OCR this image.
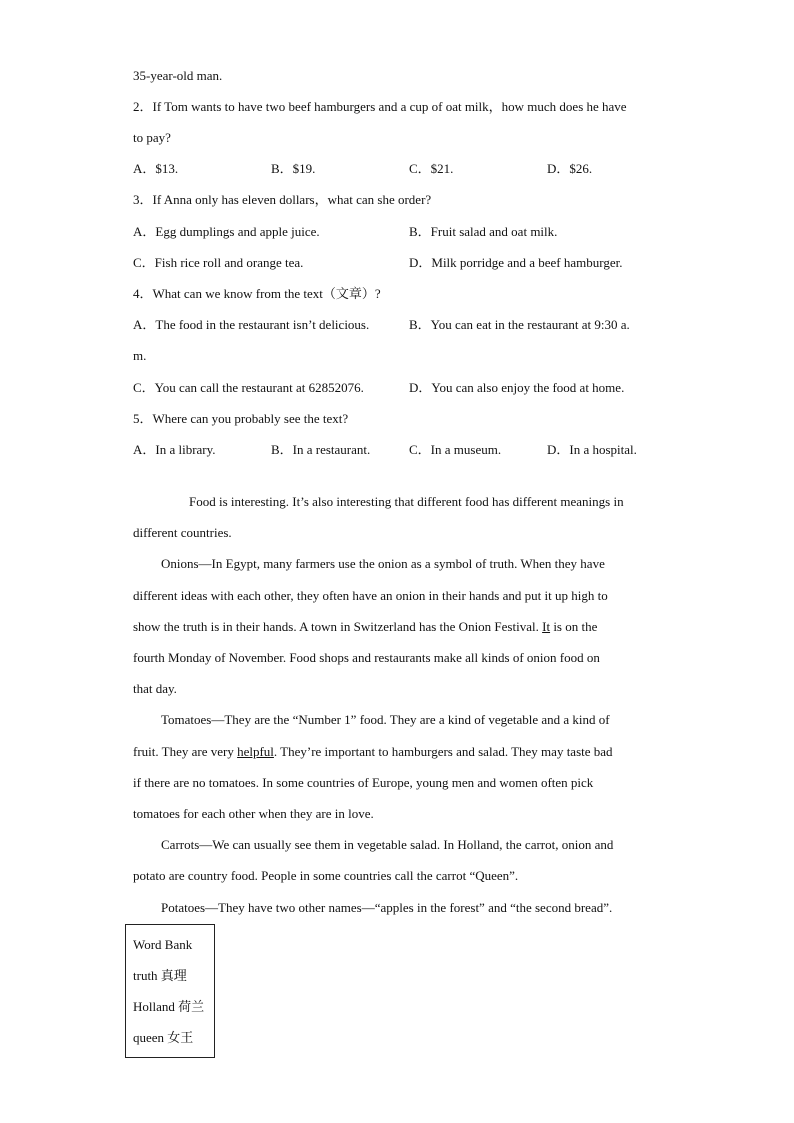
35-year-old man.
2．If Tom wants to have two beef hamburgers and a cup of oat milk，how much does he have
to pay?
A．$13.	B．$19.	C．$21.	D．$26.
3．If Anna only has eleven dollars，what can she order?
A．Egg dumplings and apple juice.	B．Fruit salad and oat milk.
C．Fish rice roll and orange tea.	D．Milk porridge and a beef hamburger.
4．What can we know from the text（文章）?
A．The food in the restaurant isn’t delicious.	B．You can eat in the restaurant at 9:30 a.
m.
C．You can call the restaurant at 62852076.	D．You can also enjoy the food at home.
5．Where can you probably see the text?
A．In a library.	B．In a restaurant.	C．In a museum.	D．In a hospital.
Food is interesting. It’s also interesting that different food has different meanings in
different countries.
Onions—In Egypt, many farmers use the onion as a symbol of truth. When they have
different ideas with each other, they often have an onion in their hands and put it up high to
show the truth is in their hands. A town in Switzerland has the Onion Festival. It is on the
fourth Monday of November. Food shops and restaurants make all kinds of onion food on
that day.
Tomatoes—They are the “Number 1” food. They are a kind of vegetable and a kind of
fruit. They are very helpful. They’re important to hamburgers and salad. They may taste bad
if there are no tomatoes. In some countries of Europe, young men and women often pick
tomatoes for each other when they are in love.
Carrots—We can usually see them in vegetable salad. In Holland, the carrot, onion and
potato are country food. People in some countries call the carrot “Queen”.
Potatoes—They have two other names—“apples in the forest” and “the second bread”.
Word Bank
truth 真理
Holland 荷兰
queen 女王
